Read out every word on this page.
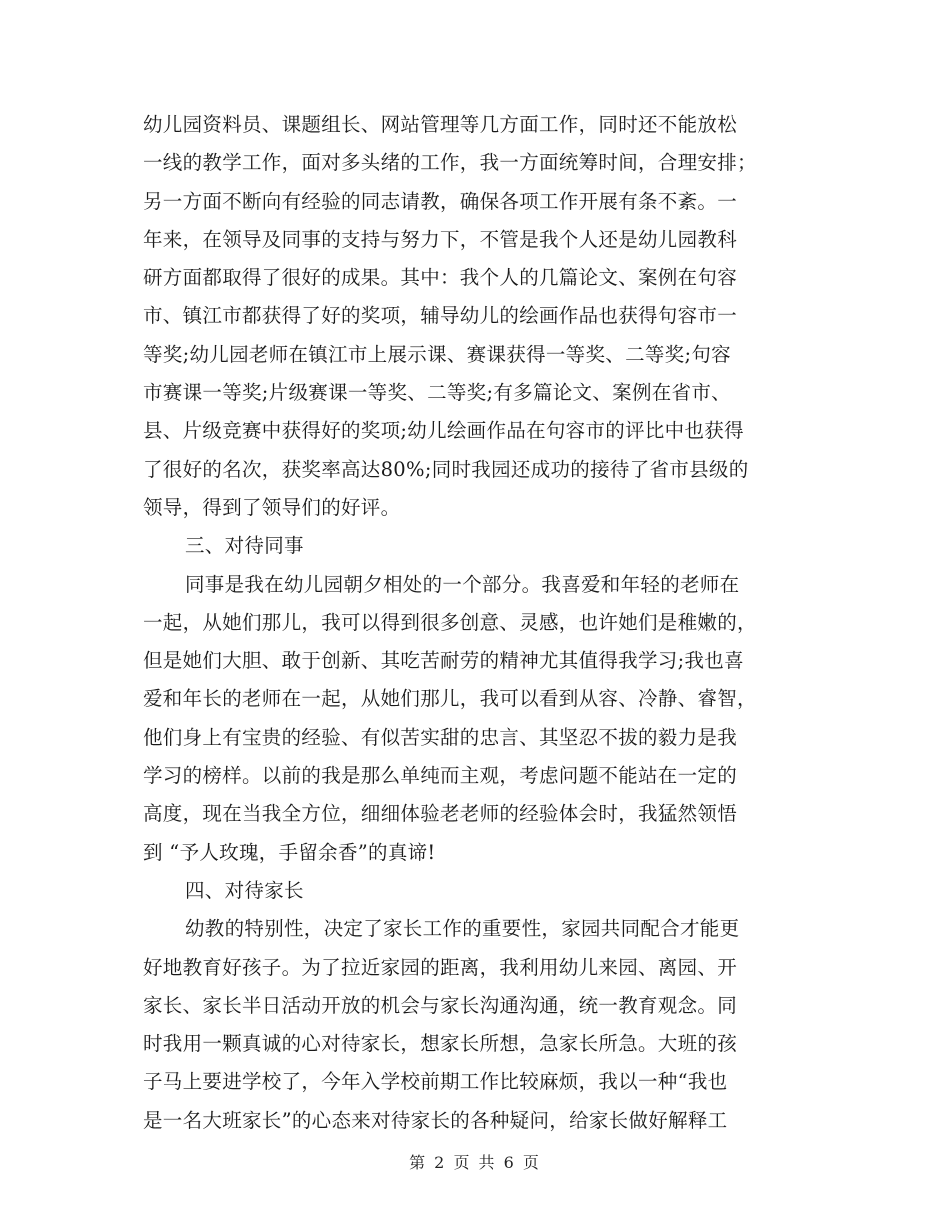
幼儿园资料员、课题组长、网站管理等几方面工作，同时还不能放松
一线的教学工作，面对多头绪的工作，我一方面统筹时间，合理安排；
另一方面不断向有经验的同志请教，确保各项工作开展有条不紊。一
年来，在领导及同事的支持与努力下，不管是我个人还是幼儿园教科
研方面都取得了很好的成果。其中：我个人的几篇论文、案例在句容
市、镇江市都获得了好的奖项，辅导幼儿的绘画作品也获得句容市一
等奖;幼儿园老师在镇江市上展示课、赛课获得一等奖、二等奖;句容
市赛课一等奖;片级赛课一等奖、二等奖;有多篇论文、案例在省市、
县、片级竞赛中获得好的奖项;幼儿绘画作品在句容市的评比中也获得
了很好的名次，获奖率高达80%;同时我园还成功的接待了省市县级的
领导，得到了领导们的好评。
三、对待同事
同事是我在幼儿园朝夕相处的一个部分。我喜爱和年轻的老师在
一起，从她们那儿，我可以得到很多创意、灵感，也许她们是稚嫩的，
但是她们大胆、敢于创新、其吃苦耐劳的精神尤其值得我学习;我也喜
爱和年长的老师在一起，从她们那儿，我可以看到从容、冷静、睿智，
他们身上有宝贵的经验、有似苦实甜的忠言、其坚忍不拔的毅力是我
学习的榜样。以前的我是那么单纯而主观，考虑问题不能站在一定的
高度，现在当我全方位，细细体验老老师的经验体会时，我猛然领悟
到 “予人玫瑰，手留余香”的真谛!
四、对待家长
幼教的特别性，决定了家长工作的重要性，家园共同配合才能更
好地教育好孩子。为了拉近家园的距离，我利用幼儿来园、离园、开
家长、家长半日活动开放的机会与家长沟通沟通，统一教育观念。同
时我用一颗真诚的心对待家长，想家长所想，急家长所急。大班的孩
子马上要进学校了，今年入学校前期工作比较麻烦，我以一种“我也
是一名大班家长”的心态来对待家长的各种疑问，给家长做好解释工
第 2 页 共 6 页
